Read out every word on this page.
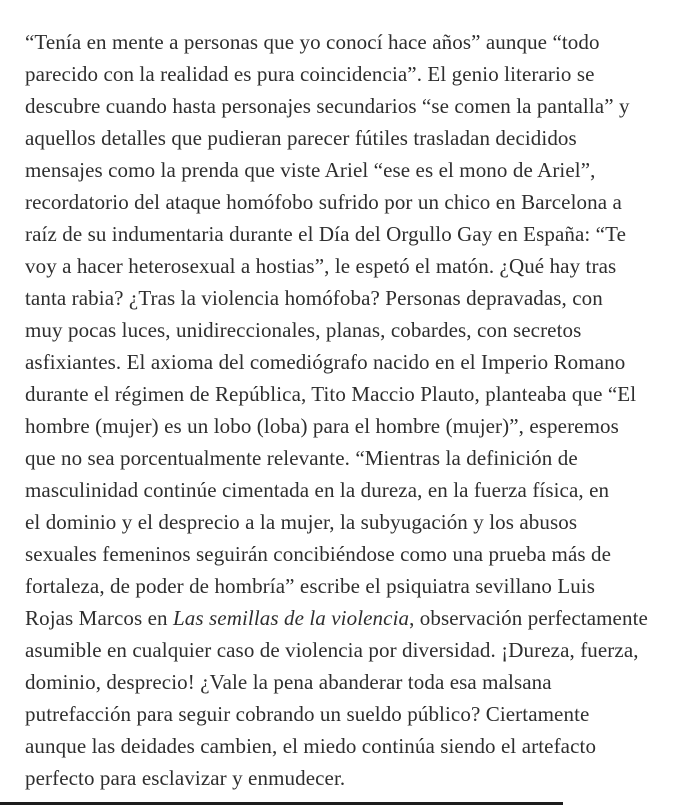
“Tenía en mente a personas que yo conocí hace años” aunque “todo
parecido con la realidad es pura coincidencia”. El genio literario se
descubre cuando hasta personajes secundarios “se comen la pantalla” y
aquellos detalles que pudieran parecer fútiles trasladan decididos
mensajes como la prenda que viste Ariel “ese es el mono de Ariel”,
recordatorio del ataque homófobo sufrido por un chico en Barcelona a
raíz de su indumentaria durante el Día del Orgullo Gay en España: “Te
voy a hacer heterosexual a hostias”, le espetó el matón. ¿Qué hay tras
tanta rabia? ¿Tras la violencia homófoba? Personas depravadas, con
muy pocas luces, unidireccionales, planas, cobardes, con secretos
asfixiantes. El axioma del comediógrafo nacido en el Imperio Romano
durante el régimen de República, Tito Maccio Plauto, planteaba que “El
hombre (mujer) es un lobo (loba) para el hombre (mujer)”, esperemos
que no sea porcentualmente relevante. “Mientras la definición de
masculinidad continúe cimentada en la dureza, en la fuerza física, en
el dominio y el desprecio a la mujer, la subyugación y los abusos
sexuales femeninos seguirán concibiéndose como una prueba más de
fortaleza, de poder de hombría” escribe el psiquiatra sevillano Luis
Rojas Marcos en Las semillas de la violencia, observación perfectamente
asumible en cualquier caso de violencia por diversidad. ¡Dureza, fuerza,
dominio, desprecio! ¿Vale la pena abanderar toda esa malsana
putrefacción para seguir cobrando un sueldo público? Ciertamente
aunque las deidades cambien, el miedo continúa siendo el artefacto
perfecto para esclavizar y enmudecer.
